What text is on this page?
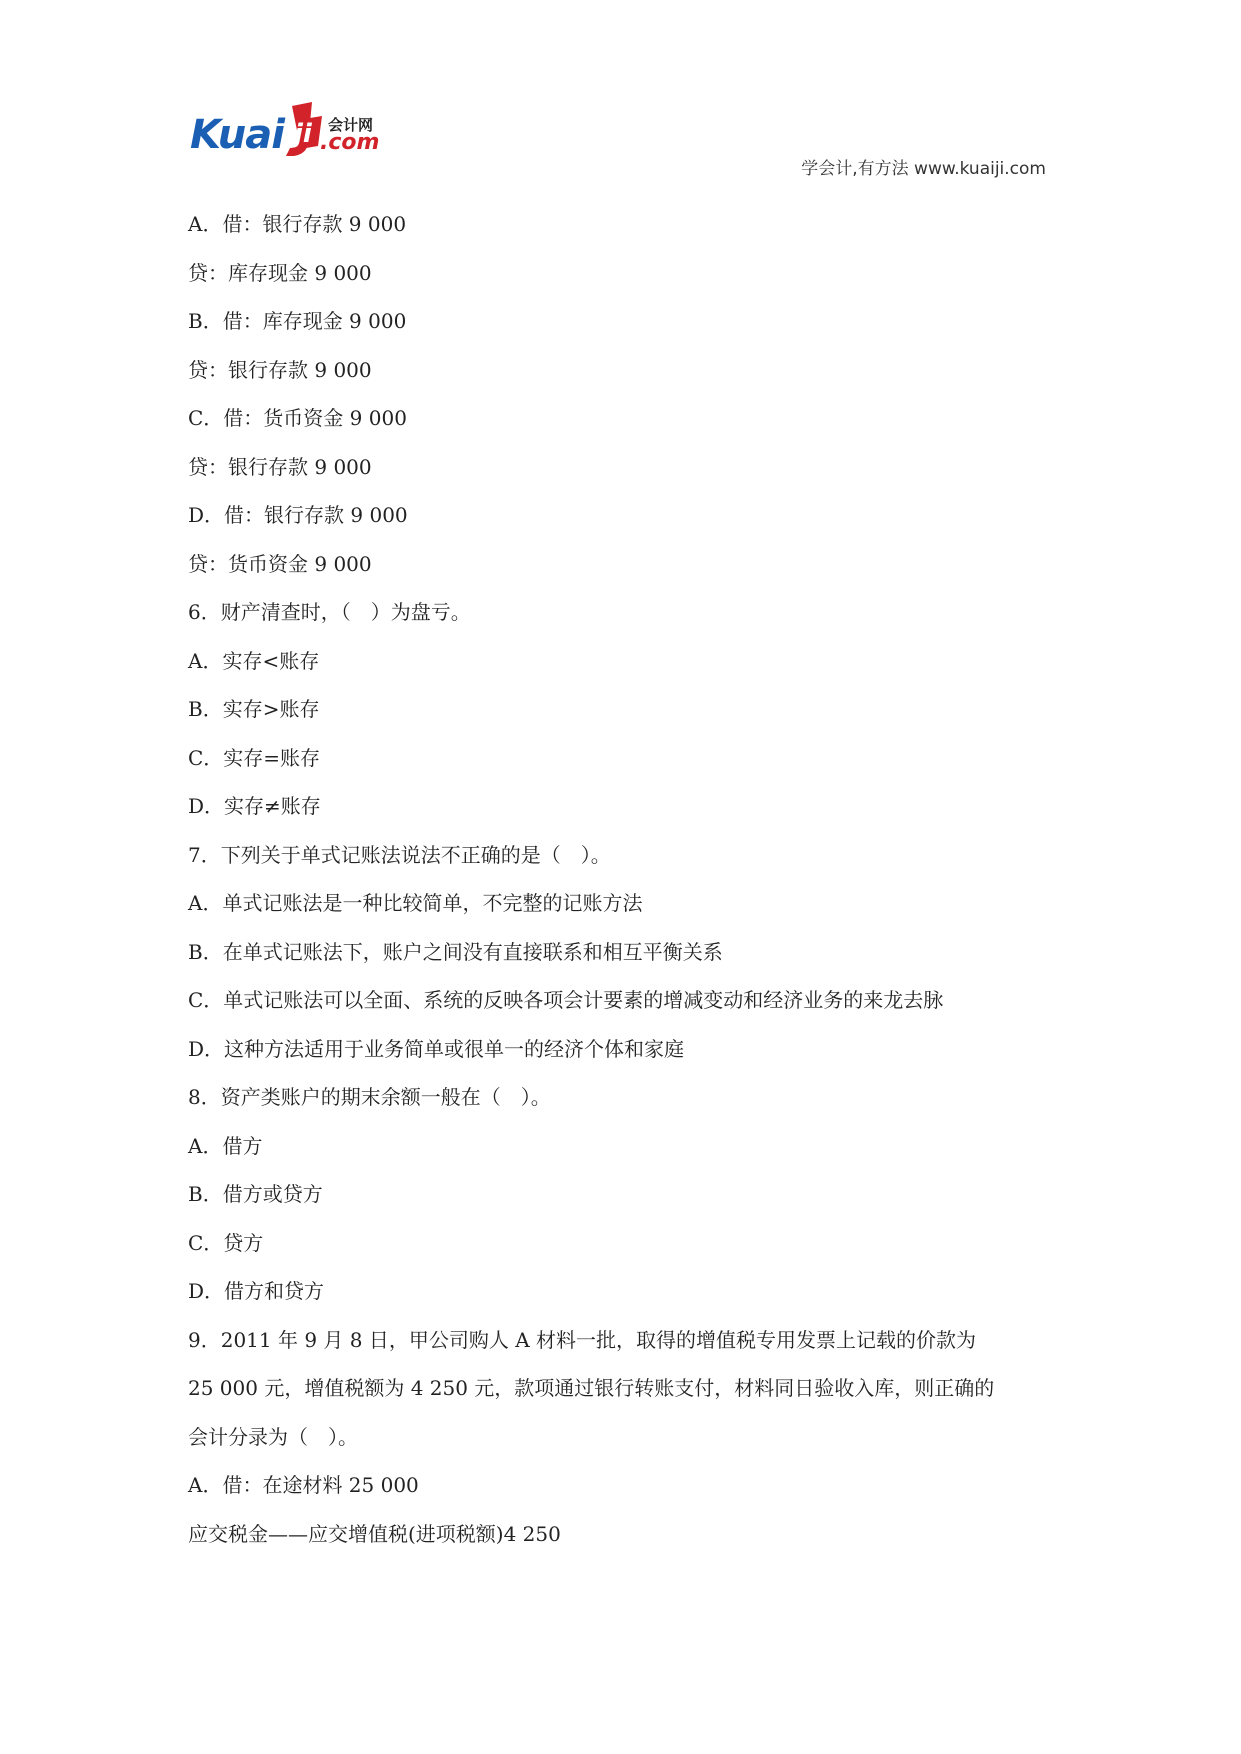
Kuai ji 会计网
.com
学会计,有方法 www.kuaiji.com
A．借：银行存款 9 000
贷：库存现金 9 000
B．借：库存现金 9 000
贷：银行存款 9 000
C．借：货币资金 9 000
贷：银行存款 9 000
D．借：银行存款 9 000
贷：货币资金 9 000
6．财产清查时，（　）为盘亏。
A．实存<账存
B．实存>账存
C．实存=账存
D．实存≠账存
7．下列关于单式记账法说法不正确的是（　）。
A．单式记账法是一种比较简单，不完整的记账方法
B．在单式记账法下，账户之间没有直接联系和相互平衡关系
C．单式记账法可以全面、系统的反映各项会计要素的增减变动和经济业务的来龙去脉
D．这种方法适用于业务简单或很单一的经济个体和家庭
8．资产类账户的期末余额一般在（　）。
A．借方
B．借方或贷方
C．贷方
D．借方和贷方
9．2011 年 9 月 8 日，甲公司购人 A 材料一批，取得的增值税专用发票上记载的价款为
25 000 元，增值税额为 4 250 元，款项通过银行转账支付，材料同日验收入库，则正确的
会计分录为（　）。
A．借：在途材料 25 000
应交税金——应交增值税(进项税额)4 250
